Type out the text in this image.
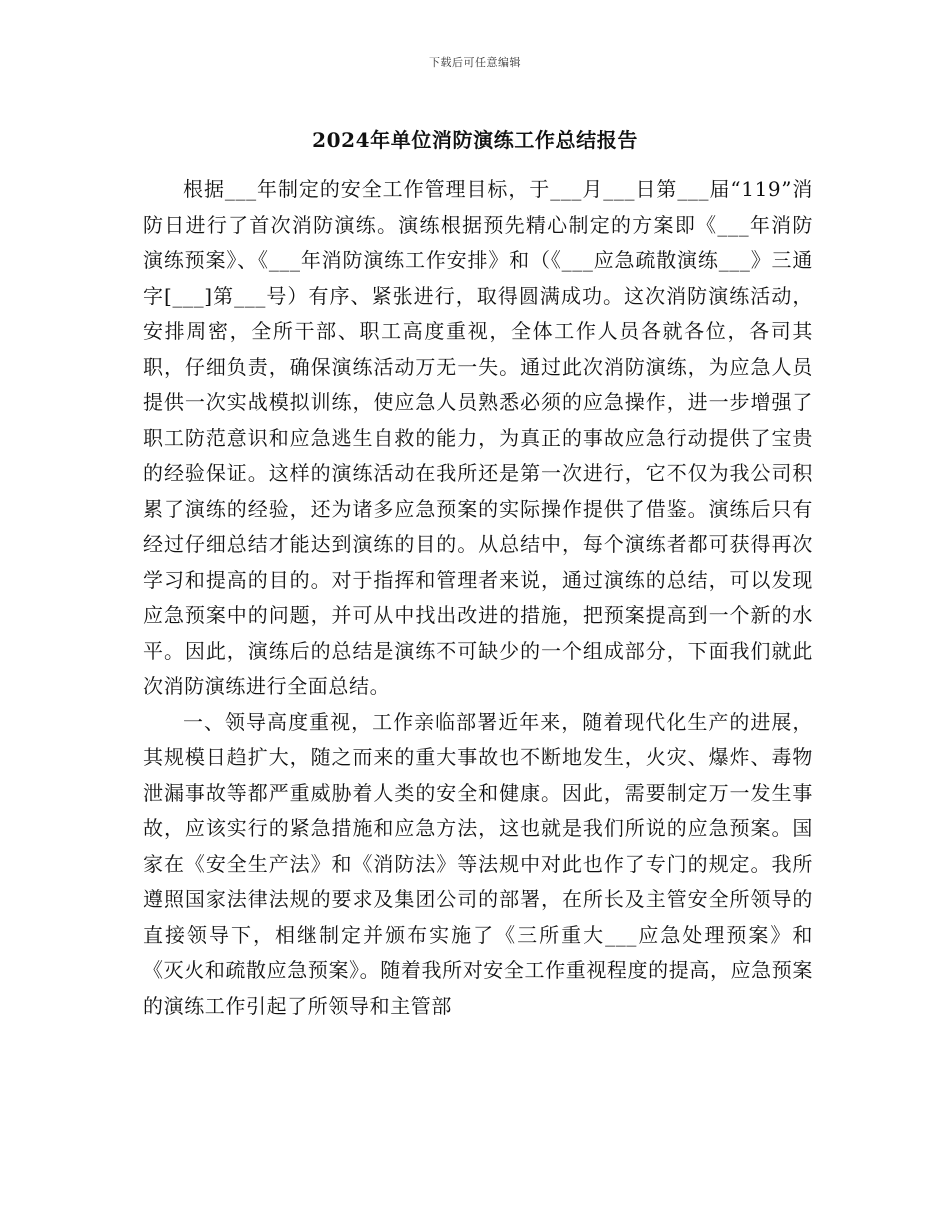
下载后可任意编辑
2024年单位消防演练工作总结报告

根据___年制定的安全工作管理目标，于___月___日第___届“119”消防日进行了首次消防演练。演练根据预先精心制定的方案即《___年消防演练预案》、《___年消防演练工作安排》和（《___应急疏散演练___》三通字[___]第___号）有序、紧张进行，取得圆满成功。这次消防演练活动，安排周密，全所干部、职工高度重视，全体工作人员各就各位，各司其职，仔细负责，确保演练活动万无一失。通过此次消防演练，为应急人员提供一次实战模拟训练，使应急人员熟悉必须的应急操作，进一步增强了职工防范意识和应急逃生自救的能力，为真正的事故应急行动提供了宝贵的经验保证。这样的演练活动在我所还是第一次进行，它不仅为我公司积累了演练的经验，还为诸多应急预案的实际操作提供了借鉴。演练后只有经过仔细总结才能达到演练的目的。从总结中，每个演练者都可获得再次学习和提高的目的。对于指挥和管理者来说，通过演练的总结，可以发现应急预案中的问题，并可从中找出改进的措施，把预案提高到一个新的水平。因此，演练后的总结是演练不可缺少的一个组成部分，下面我们就此次消防演练进行全面总结。

一、领导高度重视，工作亲临部署近年来，随着现代化生产的进展，其规模日趋扩大，随之而来的重大事故也不断地发生，火灾、爆炸、毒物泄漏事故等都严重威胁着人类的安全和健康。因此，需要制定万一发生事故，应该实行的紧急措施和应急方法，这也就是我们所说的应急预案。国家在《安全生产法》和《消防法》等法规中对此也作了专门的规定。我所遵照国家法律法规的要求及集团公司的部署，在所长及主管安全所领导的直接领导下，相继制定并颁布实施了《三所重大___应急处理预案》和《灭火和疏散应急预案》。随着我所对安全工作重视程度的提高，应急预案的演练工作引起了所领导和主管部
